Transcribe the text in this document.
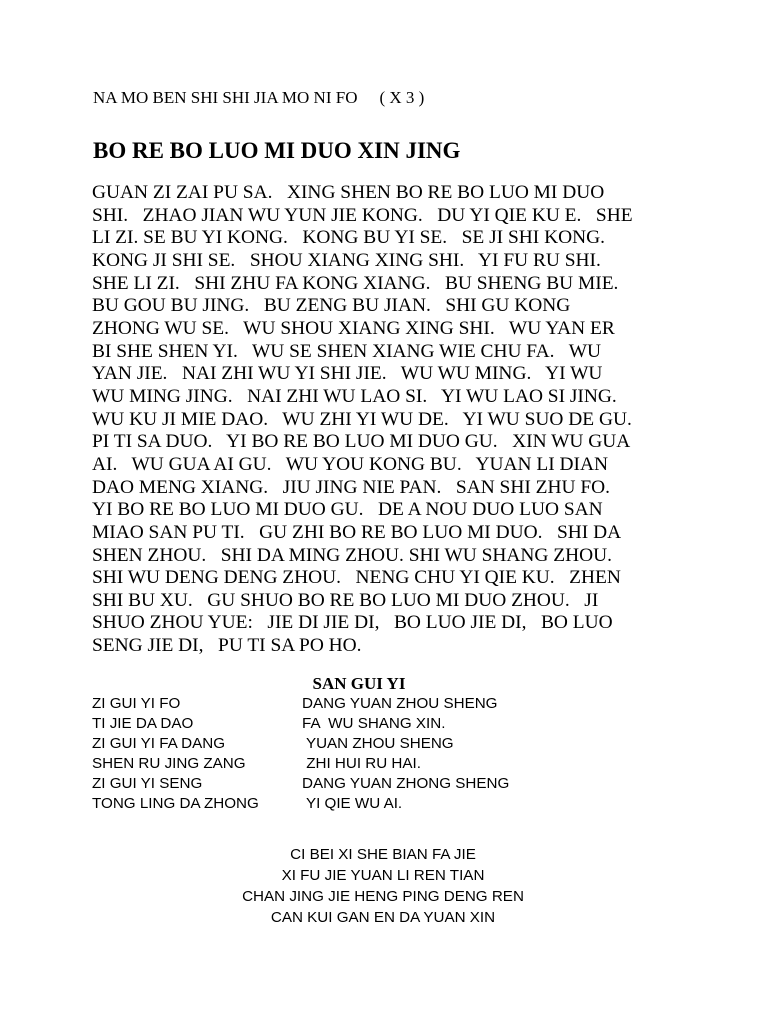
NA MO BEN SHI SHI JIA MO NI FO ( X 3 )
BO RE BO LUO MI DUO XIN JING
GUAN ZI ZAI PU SA.   XING SHEN BO RE BO LUO MI DUO
SHI.   ZHAO JIAN WU YUN JIE KONG.   DU YI QIE KU E.   SHE
LI ZI. SE BU YI KONG.   KONG BU YI SE.   SE JI SHI KONG.
KONG JI SHI SE.   SHOU XIANG XING SHI.   YI FU RU SHI.
SHE LI ZI.   SHI ZHU FA KONG XIANG.   BU SHENG BU MIE.
BU GOU BU JING.   BU ZENG BU JIAN.   SHI GU KONG
ZHONG WU SE.   WU SHOU XIANG XING SHI.   WU YAN ER
BI SHE SHEN YI.   WU SE SHEN XIANG WIE CHU FA.   WU
YAN JIE.   NAI ZHI WU YI SHI JIE.   WU WU MING.   YI WU
WU MING JING.   NAI ZHI WU LAO SI.   YI WU LAO SI JING.
WU KU JI MIE DAO.   WU ZHI YI WU DE.   YI WU SUO DE GU.
PI TI SA DUO.   YI BO RE BO LUO MI DUO GU.   XIN WU GUA
AI.   WU GUA AI GU.   WU YOU KONG BU.   YUAN LI DIAN
DAO MENG XIANG.   JIU JING NIE PAN.   SAN SHI ZHU FO.
YI BO RE BO LUO MI DUO GU.   DE A NOU DUO LUO SAN
MIAO SAN PU TI.   GU ZHI BO RE BO LUO MI DUO.   SHI DA
SHEN ZHOU.   SHI DA MING ZHOU. SHI WU SHANG ZHOU.
SHI WU DENG DENG ZHOU.   NENG CHU YI QIE KU.   ZHEN
SHI BU XU.   GU SHUO BO RE BO LUO MI DUO ZHOU.   JI
SHUO ZHOU YUE:   JIE DI JIE DI,   BO LUO JIE DI,   BO LUO
SENG JIE DI,   PU TI SA PO HO.
SAN GUI YI
ZI GUI YI FO	DANG YUAN ZHOU SHENG
TI JIE DA DAO	FA  WU SHANG XIN.
ZI GUI YI FA DANG	YUAN ZHOU SHENG
SHEN RU JING ZANG	ZHI HUI RU HAI.
ZI GUI YI SENG	DANG YUAN ZHONG SHENG
TONG LING DA ZHONG	YI QIE WU AI.
CI BEI XI SHE BIAN FA JIE
XI FU JIE YUAN LI REN TIAN
CHAN JING JIE HENG PING DENG REN
CAN KUI GAN EN DA YUAN XIN
